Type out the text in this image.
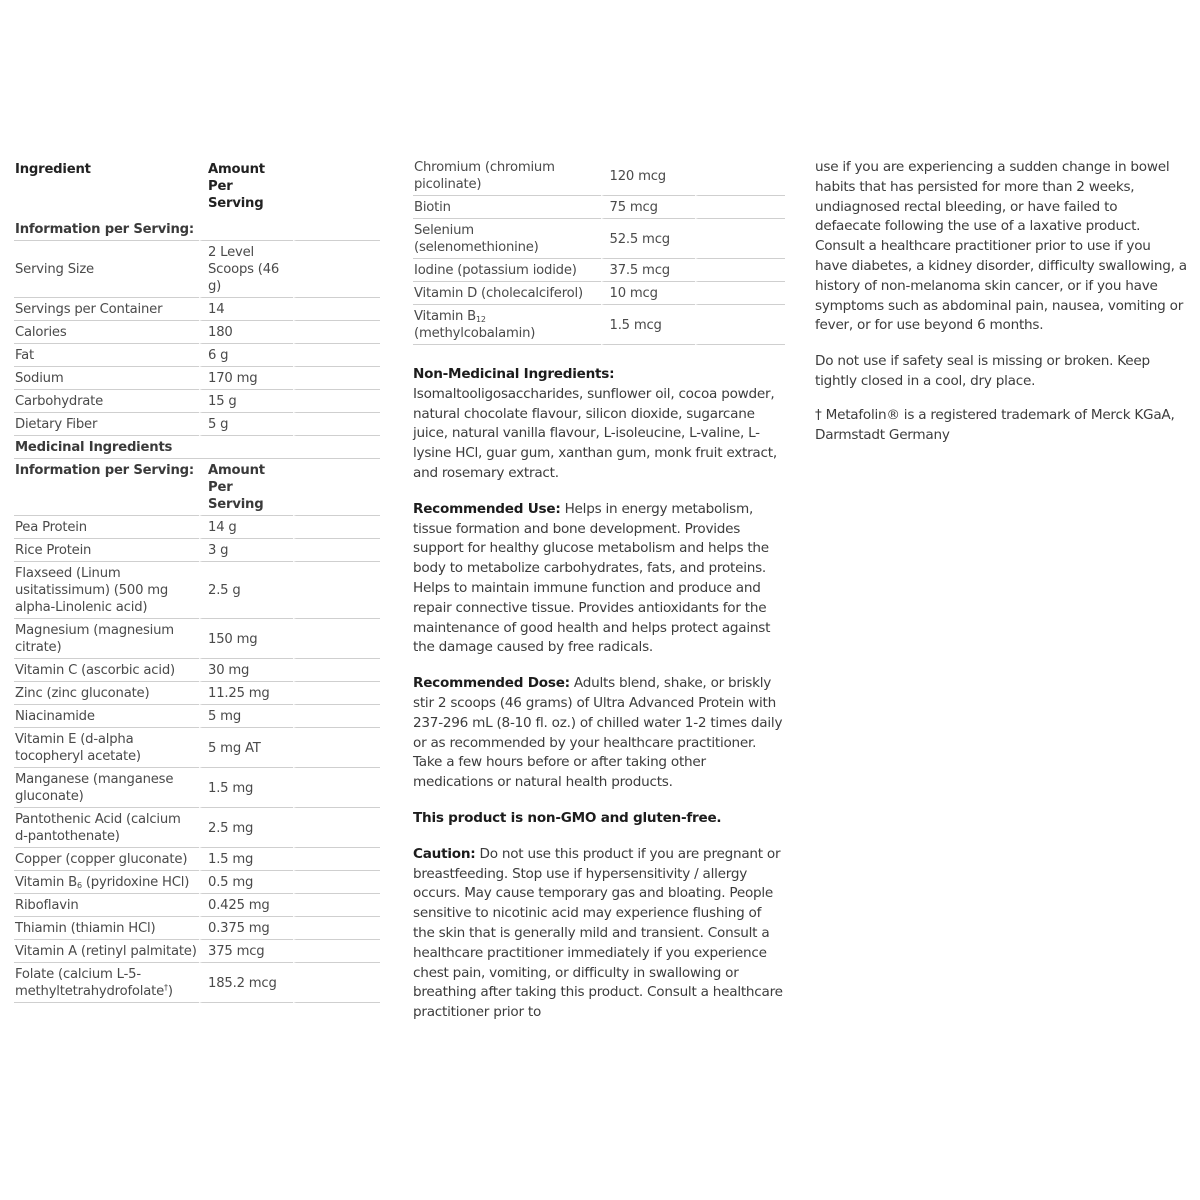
Ingredient	Amount Per Serving	
Information per Serving:		
Serving Size	2 Level Scoops (46 g)	
Servings per Container	14	
Calories	180	
Fat	6 g	
Sodium	170 mg	
Carbohydrate	15 g	
Dietary Fiber	5 g	
Medicinal Ingredients		
Information per Serving:	Amount Per Serving	
Pea Protein	14 g	
Rice Protein	3 g	
Flaxseed (Linum usitatissimum) (500 mg alpha-Linolenic acid)	2.5 g	
Magnesium (magnesium citrate)	150 mg	
Vitamin C (ascorbic acid)	30 mg	
Zinc (zinc gluconate)	11.25 mg	
Niacinamide	5 mg	
Vitamin E (d-alpha tocopheryl acetate)	5 mg AT	
Manganese (manganese gluconate)	1.5 mg	
Pantothenic Acid (calcium d-pantothenate)	2.5 mg	
Copper (copper gluconate)	1.5 mg	
Vitamin $B_6$ (pyridoxine HCl)	0.5 mg	
Riboflavin	0.425 mg	
Thiamin (thiamin HCl)	0.375 mg	
Vitamin A (retinyl palmitate)	375 mcg	
Folate (calcium L-5-methyltetrahydrofolate†)	185.2 mcg	
Chromium (chromium picolinate)	120 mcg	
Biotin	75 mcg	
Selenium (selenomethionine)	52.5 mcg	
Iodine (potassium iodide)	37.5 mcg	
Vitamin D (cholecalciferol)	10 mcg	
Vitamin $B_{12}$ (methylcobalamin)	1.5 mcg	

Non-Medicinal Ingredients:
Isomaltooligosaccharides, sunflower oil, cocoa powder, natural chocolate flavour, silicon dioxide, sugarcane juice, natural vanilla flavour, L-isoleucine, L-valine, L-lysine HCl, guar gum, xanthan gum, monk fruit extract, and rosemary extract.

Recommended Use: Helps in energy metabolism, tissue formation and bone development. Provides support for healthy glucose metabolism and helps the body to metabolize carbohydrates, fats, and proteins. Helps to maintain immune function and produce and repair connective tissue. Provides antioxidants for the maintenance of good health and helps protect against the damage caused by free radicals.

Recommended Dose: Adults blend, shake, or briskly stir 2 scoops (46 grams) of Ultra Advanced Protein with 237-296 mL (8-10 fl. oz.) of chilled water 1-2 times daily or as recommended by your healthcare practitioner. Take a few hours before or after taking other medications or natural health products.

This product is non-GMO and gluten-free.

Caution: Do not use this product if you are pregnant or breastfeeding. Stop use if hypersensitivity / allergy occurs. May cause temporary gas and bloating. People sensitive to nicotinic acid may experience flushing of the skin that is generally mild and transient. Consult a healthcare practitioner immediately if you experience chest pain, vomiting, or difficulty in swallowing or breathing after taking this product. Consult a healthcare practitioner prior to

use if you are experiencing a sudden change in bowel habits that has persisted for more than 2 weeks, undiagnosed rectal bleeding, or have failed to defaecate following the use of a laxative product. Consult a healthcare practitioner prior to use if you have diabetes, a kidney disorder, difficulty swallowing, a history of non-melanoma skin cancer, or if you have symptoms such as abdominal pain, nausea, vomiting or fever, or for use beyond 6 months.

Do not use if safety seal is missing or broken. Keep tightly closed in a cool, dry place.

† Metafolin® is a registered trademark of Merck KGaA, Darmstadt Germany
